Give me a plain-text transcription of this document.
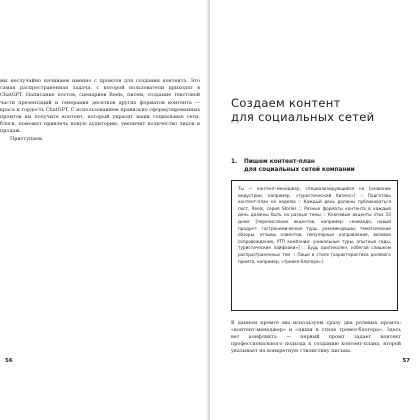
мы неслучайно начинаем именно с промтов для создания контента. Это самая распространенная задача, с которой пользователи приходят в ChatGPT. Написание постов, сценариев Reels, писем, создание текстовой части презентаций и генерация десятков других форматов контента — краса и гордость ChatGPT. С использованием правильно сформулированных промтов вы получите контент, который украсит ваши социальные сети, блоги, поможет привлечь новую аудиторию, увеличит количество лидов и продаж.

Приступаем.

56
Создаем контент
для социальных сетей
1. Пишем контент-план
для социальных сетей компании

Ты — контент-менеджер, специализирующийся на [название индустрии, например, «туристический бизнес»] :: Подготовь контент-план на неделю :: Каждый день должны публиковаться пост, Reels, серия Stories :: Разные форматы контента в каждый день должны быть на разные темы :: Ключевые акценты этих 10 дней: [перечисление акцентов, например: «команда, новый продукт: гастрономические туры, рекомендации, тематические обзоры, отзывы клиентов, популярные направления, визовое сопровождение, УТП компании: уникальные туры, опытные гиды, туристические лайфхаки»] :: Будь оригинален, избегай слишком распространенных тем :: Пиши в стиле [характеристика ролевого промта, например, «тревел-блогера»].

В данном промте мы используем сразу два ролевых промта: «контент-менеджер» и «пиши в стиле тревел-блогера». Здесь вет конфликта — первый промт задает контект профессионального подхода к созданию контент-плана, второй указывает на конкретную стилистику письма.

57
